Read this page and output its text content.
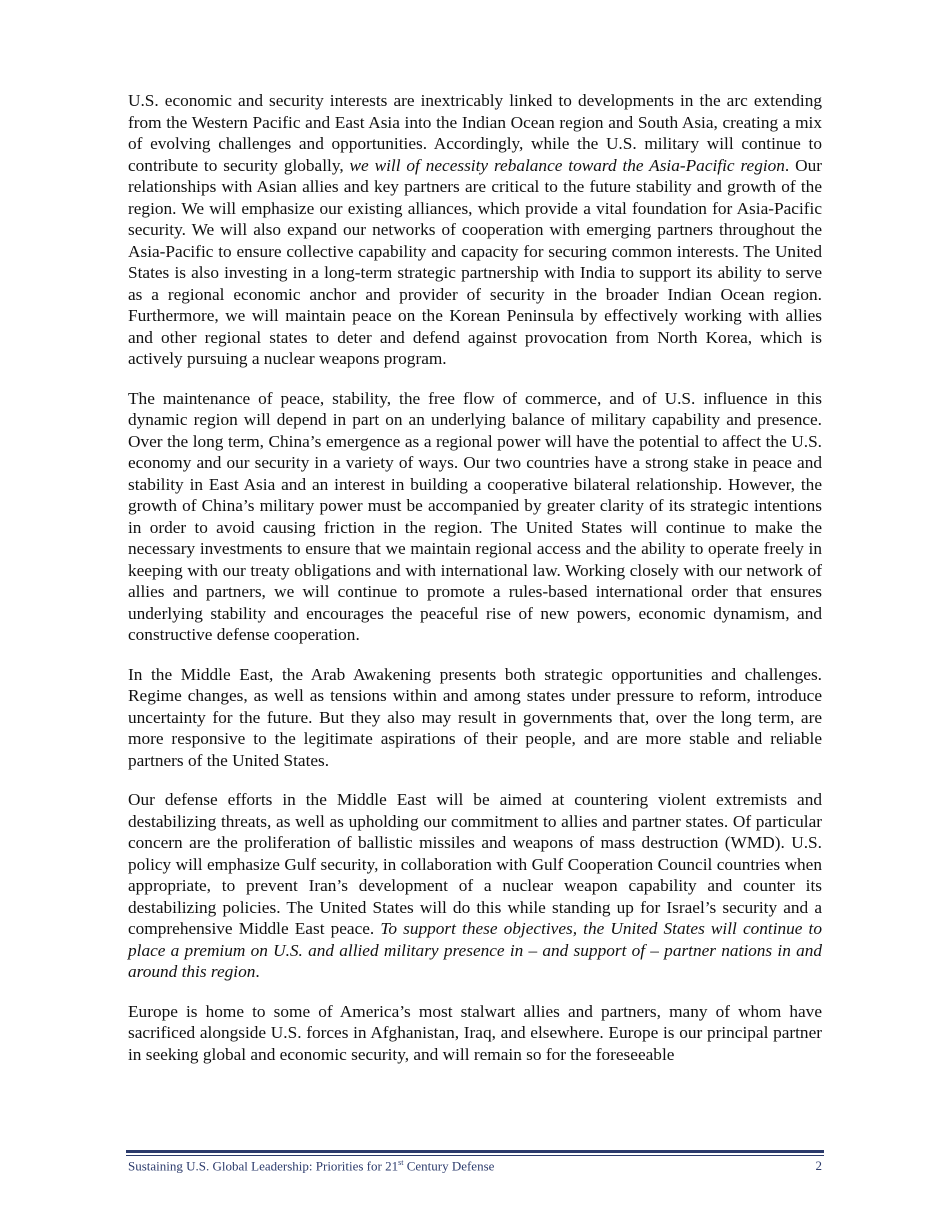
U.S. economic and security interests are inextricably linked to developments in the arc extending from the Western Pacific and East Asia into the Indian Ocean region and South Asia, creating a mix of evolving challenges and opportunities. Accordingly, while the U.S. military will continue to contribute to security globally, we will of necessity rebalance toward the Asia-Pacific region. Our relationships with Asian allies and key partners are critical to the future stability and growth of the region. We will emphasize our existing alliances, which provide a vital foundation for Asia-Pacific security. We will also expand our networks of cooperation with emerging partners throughout the Asia-Pacific to ensure collective capability and capacity for securing common interests. The United States is also investing in a long-term strategic partnership with India to support its ability to serve as a regional economic anchor and provider of security in the broader Indian Ocean region. Furthermore, we will maintain peace on the Korean Peninsula by effectively working with allies and other regional states to deter and defend against provocation from North Korea, which is actively pursuing a nuclear weapons program.

The maintenance of peace, stability, the free flow of commerce, and of U.S. influence in this dynamic region will depend in part on an underlying balance of military capability and presence. Over the long term, China’s emergence as a regional power will have the potential to affect the U.S. economy and our security in a variety of ways. Our two countries have a strong stake in peace and stability in East Asia and an interest in building a cooperative bilateral relationship. However, the growth of China’s military power must be accompanied by greater clarity of its strategic intentions in order to avoid causing friction in the region. The United States will continue to make the necessary investments to ensure that we maintain regional access and the ability to operate freely in keeping with our treaty obligations and with international law. Working closely with our network of allies and partners, we will continue to promote a rules-based international order that ensures underlying stability and encourages the peaceful rise of new powers, economic dynamism, and constructive defense cooperation.

In the Middle East, the Arab Awakening presents both strategic opportunities and challenges. Regime changes, as well as tensions within and among states under pressure to reform, introduce uncertainty for the future. But they also may result in governments that, over the long term, are more responsive to the legitimate aspirations of their people, and are more stable and reliable partners of the United States.

Our defense efforts in the Middle East will be aimed at countering violent extremists and destabilizing threats, as well as upholding our commitment to allies and partner states. Of particular concern are the proliferation of ballistic missiles and weapons of mass destruction (WMD). U.S. policy will emphasize Gulf security, in collaboration with Gulf Cooperation Council countries when appropriate, to prevent Iran’s development of a nuclear weapon capability and counter its destabilizing policies. The United States will do this while standing up for Israel’s security and a comprehensive Middle East peace. To support these objectives, the United States will continue to place a premium on U.S. and allied military presence in – and support of – partner nations in and around this region.

Europe is home to some of America’s most stalwart allies and partners, many of whom have sacrificed alongside U.S. forces in Afghanistan, Iraq, and elsewhere. Europe is our principal partner in seeking global and economic security, and will remain so for the foreseeable

Sustaining U.S. Global Leadership: Priorities for 21st Century Defense	2
